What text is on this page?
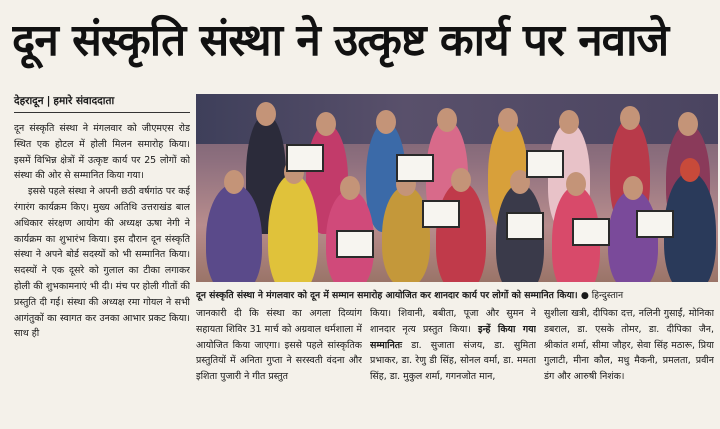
दून संस्कृति संस्था ने उत्कृष्ट कार्य पर नवाजे
देहरादून | हमारे संवाददाता

दून संस्कृति संस्था ने मंगलवार को जीएमएस रोड स्थित एक होटल में होली मिलन समारोह किया। इसमें विभिन्न क्षेत्रों में उत्कृष्ट कार्य पर 25 लोगों को संस्था की ओर से सम्मानित किया गया।

इससे पहले संस्था ने अपनी छठी वर्षगांठ पर कई रंगारंग कार्यक्रम किए। मुख्य अतिथि उत्तराखंड बाल अधिकार संरक्षण आयोग की अध्यक्ष ऊषा नेगी ने कार्यक्रम का शुभारंभ किया। इस दौरान दून संस्कृति संस्था ने अपने बोर्ड सदस्यों को भी सम्मानित किया। सदस्यों ने एक दूसरे को गुलाल का टीका लगाकर होली की शुभकामनाएं भी दी। मंच पर होली गीतों की प्रस्तुति दी गई। संस्था की अध्यक्ष रमा गोयल ने सभी आगंतुकों का स्वागत कर उनका आभार प्रकट किया। साथ ही

दून संस्कृति संस्था ने मंगलवार को दून में सम्मान समारोह आयोजित कर शानदार कार्य पर लोगों को सम्मानित किया। ● हिन्दुस्तान

जानकारी दी कि संस्था का अगला दिव्यांग सहायता शिविर 31 मार्च को अग्रवाल धर्मशाला में आयोजित किया जाएगा। इससे पहले सांस्कृतिक प्रस्तुतियों में अनिता गुप्ता ने सरस्वती वंदना और इशिता पुजारी ने गीत प्रस्तुत

किया। शिवानी, बबीता, पूजा और सुमन ने शानदार नृत्य प्रस्तुत किया। इन्हें किया गया सम्मानितः डा. सुजाता संजय, डा. सुमिता प्रभाकर, डा. रेणु डी सिंह, सोनल वर्मा, डा. ममता सिंह, डा. मुकुल शर्मा, गगनजोत मान,

सुशीला खत्री, दीपिका दत्त, नलिनी गुसाईं, मोनिका डबराल, डा. एसके तोमर, डा. दीपिका जैन, श्रीकांत शर्मा, सीमा जौहर, सेवा सिंह मठारू, प्रिया गुलाटी, मीना कौल, मधु मैकनी, प्रमलता, प्रवीन डंग और आरुषी निशंक।
